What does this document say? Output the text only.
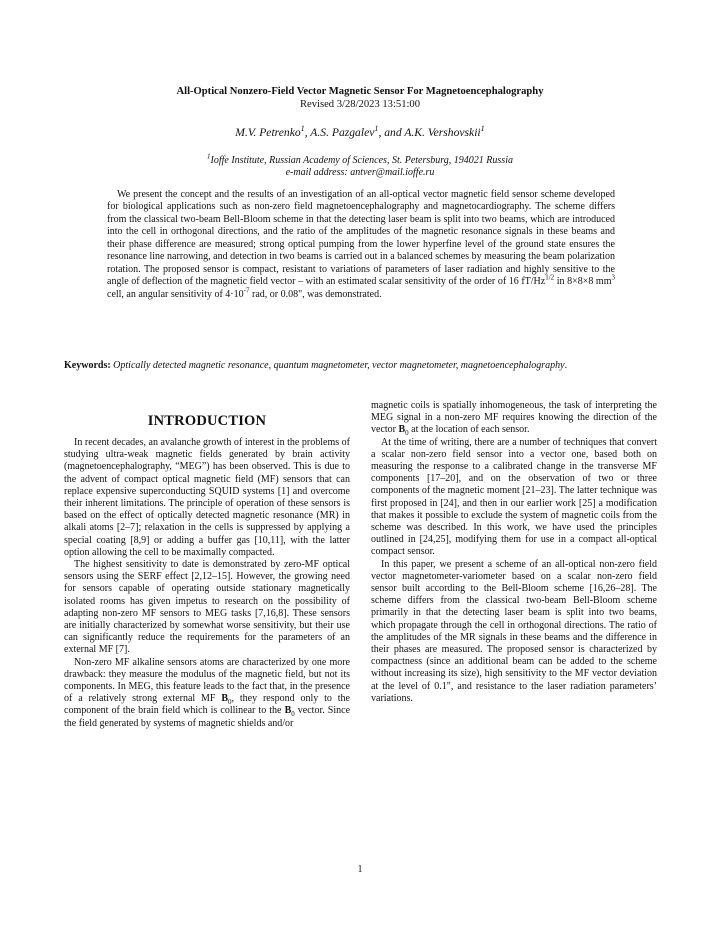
All-Optical Nonzero-Field Vector Magnetic Sensor For Magnetoencephalography
Revised 3/28/2023 13:51:00
M.V. Petrenko$^1$, A.S. Pazgalev$^1$, and A.K. Vershovskii$^1$
$^1$Ioffe Institute, Russian Academy of Sciences, St. Petersburg, 194021 Russia
e-mail address: antver@mail.ioffe.ru

We present the concept and the results of an investigation of an all-optical vector magnetic field sensor scheme developed for biological applications such as non-zero field magnetoencephalography and magnetocardiography. The scheme differs from the classical two-beam Bell-Bloom scheme in that the detecting laser beam is split into two beams, which are introduced into the cell in orthogonal directions, and the ratio of the amplitudes of the magnetic resonance signals in these beams and their phase difference are measured; strong optical pumping from the lower hyperfine level of the ground state ensures the resonance line narrowing, and detection in two beams is carried out in a balanced schemes by measuring the beam polarization rotation. The proposed sensor is compact, resistant to variations of parameters of laser radiation and highly sensitive to the angle of deflection of the magnetic field vector – with an estimated scalar sensitivity of the order of 16 $fT/Hz^{1/2}$ in 8×8×8 $mm^3$ cell, an angular sensitivity of $4\cdot 10^{-7}$ rad, or 0.08", was demonstrated.

Keywords: Optically detected magnetic resonance, quantum magnetometer, vector magnetometer, magnetoencephalography.

INTRODUCTION

In recent decades, an avalanche growth of interest in the problems of studying ultra-weak magnetic fields generated by brain activity (magnetoencephalography, “MEG”) has been observed. This is due to the advent of compact optical magnetic field (MF) sensors that can replace expensive superconducting SQUID systems [1] and overcome their inherent limitations. The principle of operation of these sensors is based on the effect of optically detected magnetic resonance (MR) in alkali atoms [2–7]; relaxation in the cells is suppressed by applying a special coating [8,9] or adding a buffer gas [10,11], with the latter option allowing the cell to be maximally compacted.

The highest sensitivity to date is demonstrated by zero-MF optical sensors using the SERF effect [2,12–15]. However, the growing need for sensors capable of operating outside stationary magnetically isolated rooms has given impetus to research on the possibility of adapting non-zero MF sensors to MEG tasks [7,16,8]. These sensors are initially characterized by somewhat worse sensitivity, but their use can significantly reduce the requirements for the parameters of an external MF [7].

Non-zero MF alkaline sensors atoms are characterized by one more drawback: they measure the modulus of the magnetic field, but not its components. In MEG, this feature leads to the fact that, in the presence of a relatively strong external MF $B_0$, they respond only to the component of the brain field which is collinear to the $B_0$ vector. Since the field generated by systems of magnetic shields and/or

magnetic coils is spatially inhomogeneous, the task of interpreting the MEG signal in a non-zero MF requires knowing the direction of the vector $B_0$ at the location of each sensor.

At the time of writing, there are a number of techniques that convert a scalar non-zero field sensor into a vector one, based both on measuring the response to a calibrated change in the transverse MF components [17–20], and on the observation of two or three components of the magnetic moment [21–23]. The latter technique was first proposed in [24], and then in our earlier work [25] a modification that makes it possible to exclude the system of magnetic coils from the scheme was described. In this work, we have used the principles outlined in [24,25], modifying them for use in a compact all-optical compact sensor.

In this paper, we present a scheme of an all-optical non-zero field vector magnetometer-variometer based on a scalar non-zero field sensor built according to the Bell-Bloom scheme [16,26–28]. The scheme differs from the classical two-beam Bell-Bloom scheme primarily in that the detecting laser beam is split into two beams, which propagate through the cell in orthogonal directions. The ratio of the amplitudes of the MR signals in these beams and the difference in their phases are measured. The proposed sensor is characterized by compactness (since an additional beam can be added to the scheme without increasing its size), high sensitivity to the MF vector deviation at the level of 0.1", and resistance to the laser radiation parameters’ variations.

1
